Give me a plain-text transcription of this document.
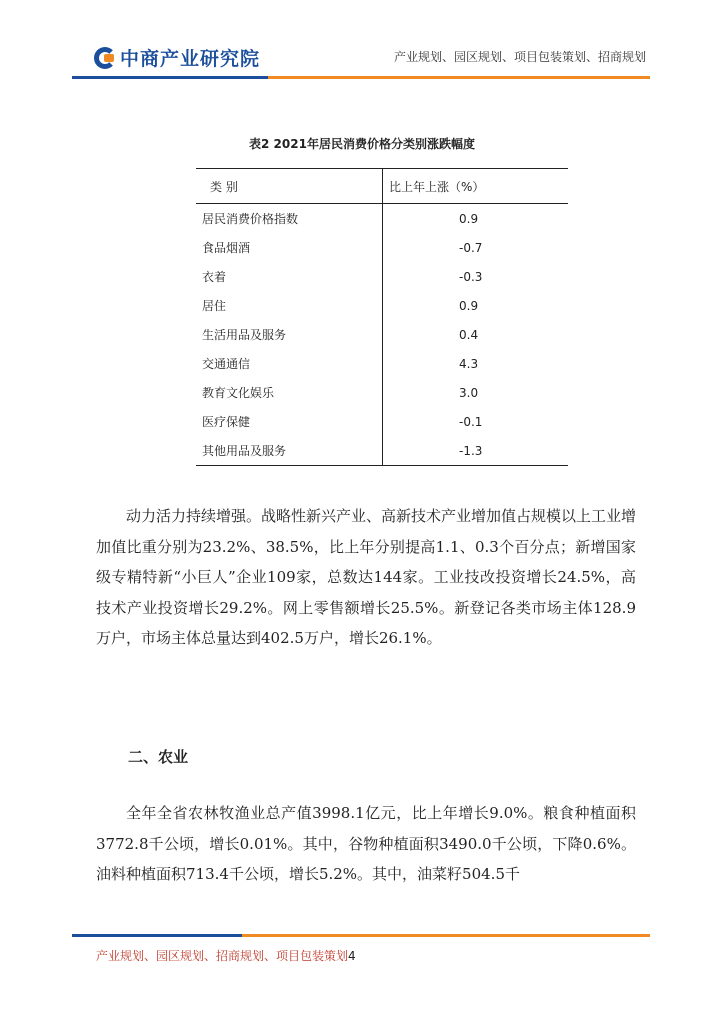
中商产业研究院	产业规划、园区规划、项目包装策划、招商规划
表2 2021年居民消费价格分类别涨跌幅度
类 别	比上年上涨（%）
居民消费价格指数	0.9
食品烟酒	-0.7
衣着	-0.3
居住	0.9
生活用品及服务	0.4
交通通信	4.3
教育文化娱乐	3.0
医疗保健	-0.1
其他用品及服务	-1.3

动力活力持续增强。战略性新兴产业、高新技术产业增加值占规模以上工业增加值比重分别为23.2%、38.5%，比上年分别提高1.1、0.3个百分点；新增国家级专精特新“小巨人”企业109家，总数达144家。工业技改投资增长24.5%，高技术产业投资增长29.2%。网上零售额增长25.5%。新登记各类市场主体128.9万户，市场主体总量达到402.5万户，增长26.1%。

二、农业

全年全省农林牧渔业总产值3998.1亿元，比上年增长9.0%。粮食种植面积3772.8千公顷，增长0.01%。其中，谷物种植面积3490.0千公顷，下降0.6%。油料种植面积713.4千公顷，增长5.2%。其中，油菜籽504.5千

产业规划、园区规划、招商规划、项目包装策划4
